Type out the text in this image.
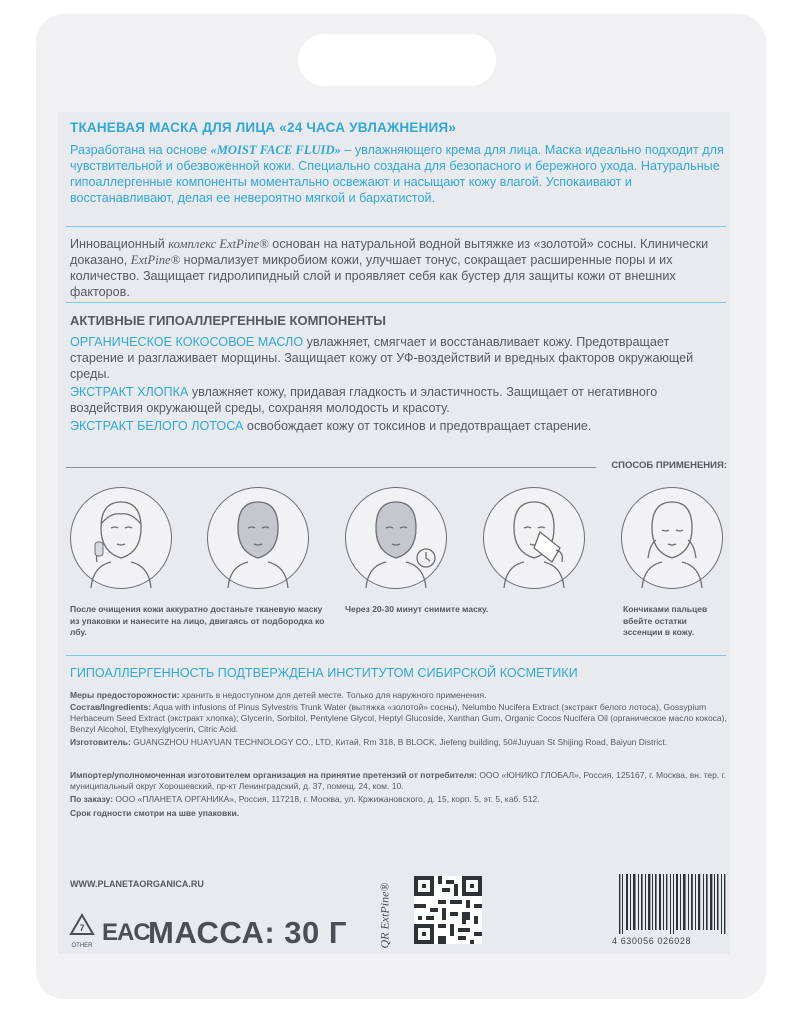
ТКАНЕВАЯ МАСКА ДЛЯ ЛИЦА «24 ЧАСА УВЛАЖНЕНИЯ»
Разработана на основе «MOIST FACE FLUID» – увлажняющего крема для лица. Маска идеально подходит для чувствительной и обезвоженной кожи. Специально создана для безопасного и бережного ухода. Натуральные гипоаллергенные компоненты моментально освежают и насыщают кожу влагой. Успокаивают и восстанавливают, делая ее невероятно мягкой и бархатистой.
Инновационный комплекс ExtPine® основан на натуральной водной вытяжке из «золотой» сосны. Клинически доказано, ExtPine® нормализует микробиом кожи, улучшает тонус, сокращает расширенные поры и их количество. Защищает гидролипидный слой и проявляет себя как бустер для защиты кожи от внешних факторов.
АКТИВНЫЕ ГИПОАЛЛЕРГЕННЫЕ КОМПОНЕНТЫ
ОРГАНИЧЕСКОЕ КОКОСОВОЕ МАСЛО увлажняет, смягчает и восстанавливает кожу. Предотвращает старение и разглаживает морщины. Защищает кожу от УФ-воздействий и вредных факторов окружающей среды.
ЭКСТРАКТ ХЛОПКА увлажняет кожу, придавая гладкость и эластичность. Защищает от негативного воздействия окружающей среды, сохраняя молодость и красоту.
ЭКСТРАКТ БЕЛОГО ЛОТОСА освобождает кожу от токсинов и предотвращает старение.
СПОСОБ ПРИМЕНЕНИЯ:
После очищения кожи аккуратно достаньте тканевую маску из упаковки и нанесите на лицо, двигаясь от подбородка ко лбу.
Через 20-30 минут снимите маску.	Кончиками пальцев вбейте остатки эссенции в кожу.
ГИПОАЛЛЕРГЕННОСТЬ ПОДТВЕРЖДЕНА ИНСТИТУТОМ СИБИРСКОЙ КОСМЕТИКИ
Меры предосторожности: хранить в недоступном для детей месте. Только для наружного применения.
Состав/Ingredients: Aqua with infusions of Pinus Sylvestris Trunk Water (вытяжка «золотой» сосны), Nelumbo Nucifera Extract (экстракт белого лотоса), Gossypium Herbaceum Seed Extract (экстракт хлопка); Glycerin, Sorbitol, Pentylene Glycol, Heptyl Glucoside, Xanthan Gum, Organic Cocos Nucifera Oil (органическое масло кокоса), Benzyl Alcohol, Etylhexylglycerin, Citric Acid.
Изготовитель: GUANGZHOU HUAYUAN TECHNOLOGY CO., LTD, Китай, Rm 318, B BLOCK, Jiefeng building, 50#Juyuan St Shijing Road, Baiyun District.
Импортер/уполномоченная изготовителем организация на принятие претензий от потребителя: ООО «ЮНИКО ГЛОБАЛ», Россия, 125167, г. Москва, вн. тер. г. муниципальный округ Хорошевский, пр-кт Ленинградский, д. 37, помещ. 24, ком. 10.
По заказу: ООО «ПЛАНЕТА ОРГАНИКА», Россия, 117218, г. Москва, ул. Кржижановского, д. 15, корп. 5, эт. 5, каб. 512.
Срок годности смотри на шве упаковки.
WWW.PLANETAORGANICA.RU
7
OTHER EAC
МАССА: 30 Г	QR ExtPine®
4 630056 026028
